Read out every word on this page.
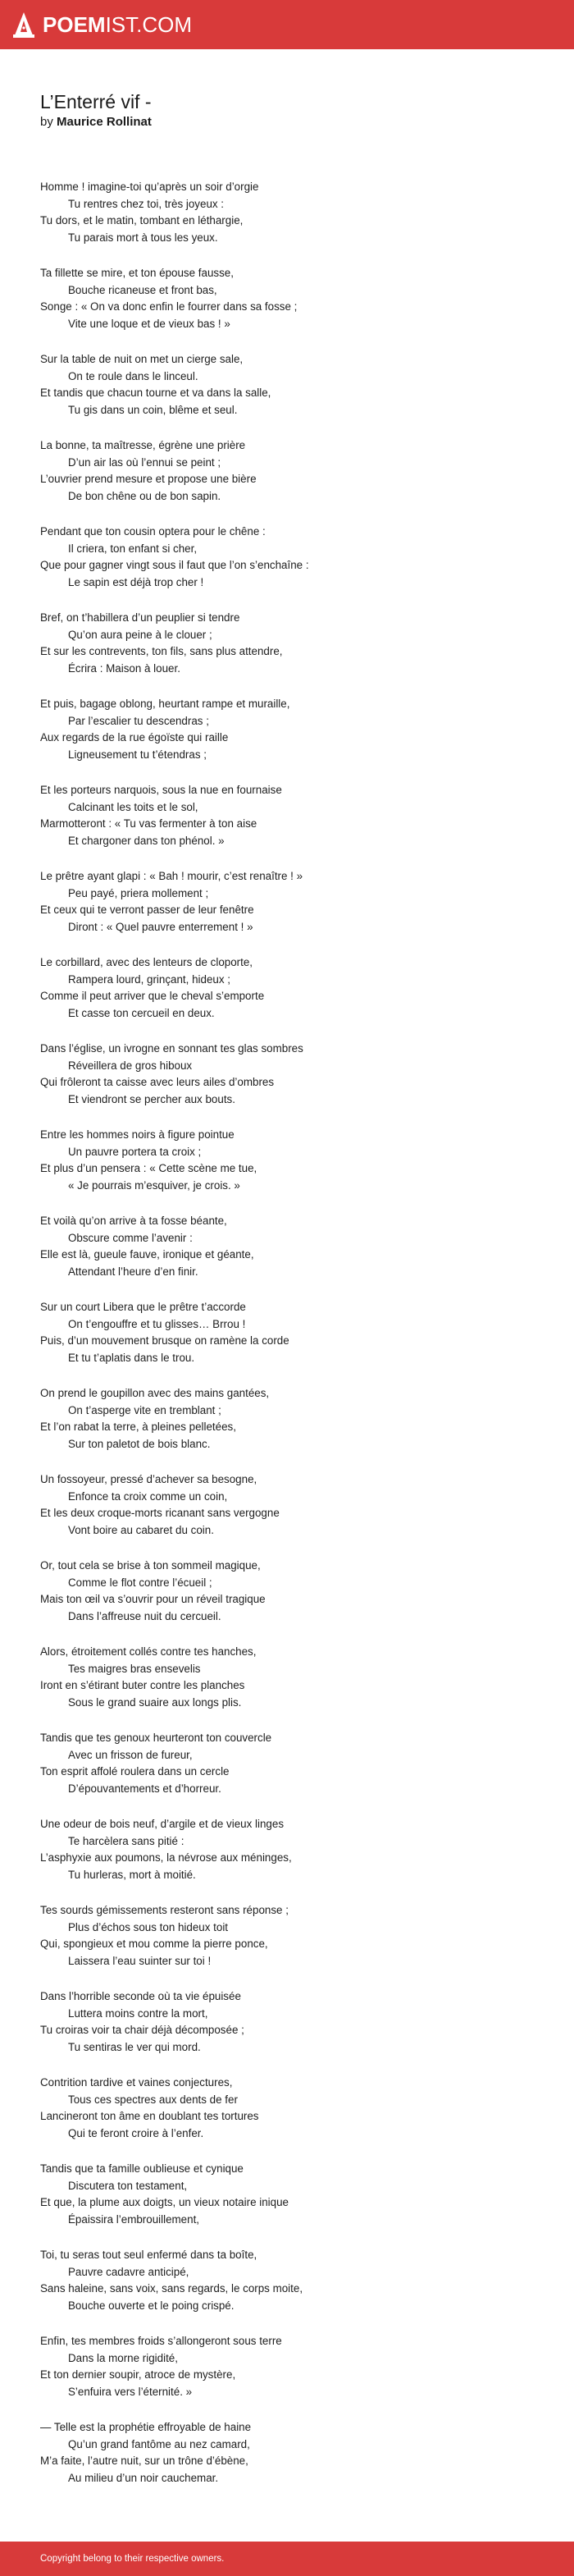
POEMIST.COM
L’Enterré vif -
by Maurice Rollinat
Homme ! imagine-toi qu’après un soir d’orgie
Tu rentres chez toi, très joyeux :
Tu dors, et le matin, tombant en léthargie,
Tu parais mort à tous les yeux.
Ta fillette se mire, et ton épouse fausse,
Bouche ricaneuse et front bas,
Songe : « On va donc enfin le fourrer dans sa fosse ;
Vite une loque et de vieux bas ! »
Sur la table de nuit on met un cierge sale,
On te roule dans le linceul.
Et tandis que chacun tourne et va dans la salle,
Tu gis dans un coin, blême et seul.
La bonne, ta maîtresse, égrène une prière
D’un air las où l’ennui se peint ;
L’ouvrier prend mesure et propose une bière
De bon chêne ou de bon sapin.
Pendant que ton cousin optera pour le chêne :
Il criera, ton enfant si cher,
Que pour gagner vingt sous il faut que l’on s’enchaîne :
Le sapin est déjà trop cher !
Bref, on t’habillera d’un peuplier si tendre
Qu’on aura peine à le clouer ;
Et sur les contrevents, ton fils, sans plus attendre,
Écrira : Maison à louer.
Et puis, bagage oblong, heurtant rampe et muraille,
Par l’escalier tu descendras ;
Aux regards de la rue égoïste qui raille
Ligneusement tu t’étendras ;
Et les porteurs narquois, sous la nue en fournaise
Calcinant les toits et le sol,
Marmotteront : « Tu vas fermenter à ton aise
Et chargoner dans ton phénol. »
Le prêtre ayant glapi : « Bah ! mourir, c’est renaître ! »
Peu payé, priera mollement ;
Et ceux qui te verront passer de leur fenêtre
Diront : « Quel pauvre enterrement ! »
Le corbillard, avec des lenteurs de cloporte,
Rampera lourd, grinçant, hideux ;
Comme il peut arriver que le cheval s’emporte
Et casse ton cercueil en deux.
Dans l’église, un ivrogne en sonnant tes glas sombres
Réveillera de gros hiboux
Qui frôleront ta caisse avec leurs ailes d’ombres
Et viendront se percher aux bouts.
Entre les hommes noirs à figure pointue
Un pauvre portera ta croix ;
Et plus d’un pensera : « Cette scène me tue,
« Je pourrais m’esquiver, je crois. »
Et voilà qu’on arrive à ta fosse béante,
Obscure comme l’avenir :
Elle est là, gueule fauve, ironique et géante,
Attendant l’heure d’en finir.
Sur un court Libera que le prêtre t’accorde
On t’engouffre et tu glisses… Brrou !
Puis, d’un mouvement brusque on ramène la corde
Et tu t’aplatis dans le trou.
On prend le goupillon avec des mains gantées,
On t’asperge vite en tremblant ;
Et l’on rabat la terre, à pleines pelletées,
Sur ton paletot de bois blanc.
Un fossoyeur, pressé d’achever sa besogne,
Enfonce ta croix comme un coin,
Et les deux croque-morts ricanant sans vergogne
Vont boire au cabaret du coin.
Or, tout cela se brise à ton sommeil magique,
Comme le flot contre l’écueil ;
Mais ton œil va s’ouvrir pour un réveil tragique
Dans l’affreuse nuit du cercueil.
Alors, étroitement collés contre tes hanches,
Tes maigres bras ensevelis
Iront en s’étirant buter contre les planches
Sous le grand suaire aux longs plis.
Tandis que tes genoux heurteront ton couvercle
Avec un frisson de fureur,
Ton esprit affolé roulera dans un cercle
D’épouvantements et d’horreur.
Une odeur de bois neuf, d’argile et de vieux linges
Te harcèlera sans pitié :
L’asphyxie aux poumons, la névrose aux méninges,
Tu hurleras, mort à moitié.
Tes sourds gémissements resteront sans réponse ;
Plus d’échos sous ton hideux toit
Qui, spongieux et mou comme la pierre ponce,
Laissera l’eau suinter sur toi !
Dans l’horrible seconde où ta vie épuisée
Luttera moins contre la mort,
Tu croiras voir ta chair déjà décomposée ;
Tu sentiras le ver qui mord.
Contrition tardive et vaines conjectures,
Tous ces spectres aux dents de fer
Lancineront ton âme en doublant tes tortures
Qui te feront croire à l’enfer.
Tandis que ta famille oublieuse et cynique
Discutera ton testament,
Et que, la plume aux doigts, un vieux notaire inique
Épaissira l’embrouillement,
Toi, tu seras tout seul enfermé dans ta boîte,
Pauvre cadavre anticipé,
Sans haleine, sans voix, sans regards, le corps moite,
Bouche ouverte et le poing crispé.
Enfin, tes membres froids s’allongeront sous terre
Dans la morne rigidité,
Et ton dernier soupir, atroce de mystère,
S’enfuira vers l’éternité. »
— Telle est la prophétie effroyable de haine
Qu’un grand fantôme au nez camard,
M’a faite, l’autre nuit, sur un trône d’ébène,
Au milieu d’un noir cauchemar.
Copyright belong to their respective owners.
